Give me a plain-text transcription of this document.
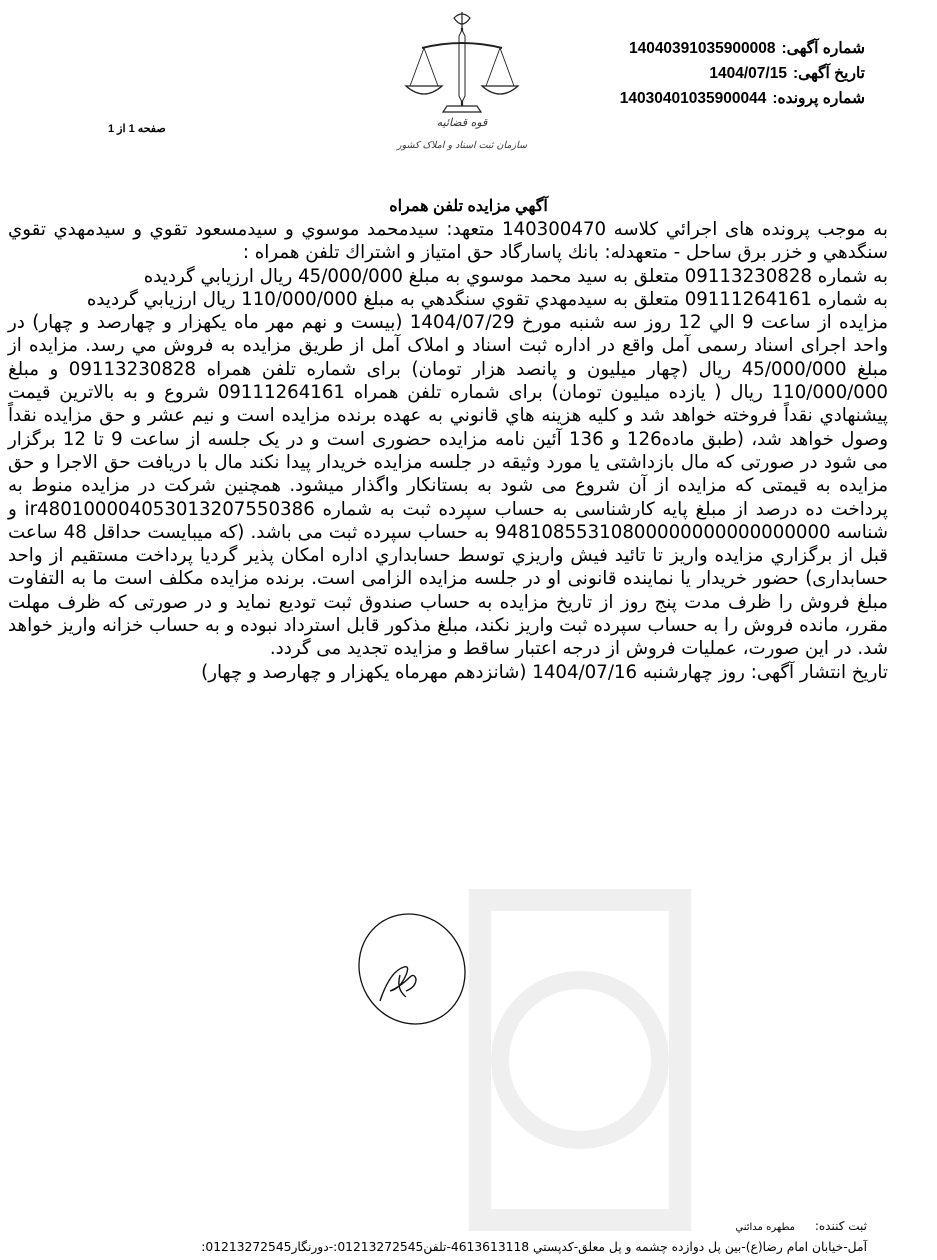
قوه قضائیه
سازمان ثبت اسناد و املاک کشور
شماره آگهی:
14040391035900008
تاریخ آگهی:
1404/07/15
شماره پرونده:
14030401035900044
صفحه 1 از 1
آگهي مزايده تلفن همراه

به موجب پرونده های اجرائي كلاسه 140300470 متعهد: سيدمحمد موسوي و سيدمسعود تقوي و سيدمهدي تقوي سنگدهي و خزر برق ساحل - متعهدله: بانك پاسارگاد حق امتياز و اشتراك تلفن همراه :

به شماره 09113230828 متعلق به سيد محمد موسوي به مبلغ 45/000/000 ريال ارزيابي گرديده

به شماره 09111264161 متعلق به سيدمهدي تقوي سنگدهي به مبلغ 110/000/000 ريال ارزيابي گرديده

مزايده از ساعت 9 الي 12 روز سه شنبه مورخ 1404/07/29 (بيست و نهم مهر ماه يكهزار و چهارصد و چهار) در واحد اجرای اسناد رسمی آمل واقع در اداره ثبت اسناد و املاک آمل از طریق مزایده به فروش مي رسد. مزایده از مبلغ 45/000/000 ریال (چهار میلیون و پانصد هزار تومان) برای شماره تلفن همراه 09113230828 و مبلغ 110/000/000 ریال ( یازده میلیون تومان) برای شماره تلفن همراه 09111264161 شروع و به بالاترين قيمت پيشنهادي نقداً فروخته خواهد شد و كليه هزينه هاي قانوني به عهده برنده مزایده است و نیم عشر و حق مزایده نقداً وصول خواهد شد، (طبق ماده126 و 136 آئین نامه مزایده حضوری است و در یک جلسه از ساعت 9 تا 12 برگزار می شود در صورتی که مال بازداشتی یا مورد وثیقه در جلسه مزایده خریدار پیدا نکند مال با دریافت حق الاجرا و حق مزایده به قیمتی که مزایده از آن شروع می شود به بستانکار واگذار میشود. همچنین شرکت در مزایده منوط به پرداخت ده درصد از مبلغ پایه کارشناسی به حساب سپرده ثبت به شماره ir480100004053013207550386 و شناسه 94810855310800000000000000000 به حساب سپرده ثبت می باشد. (که میبایست حداقل 48 ساعت قبل از برگزاري مزايده واريز تا تائید فيش واريزي توسط حسابداري اداره امكان پذير گرديا پرداخت مستقیم از واحد حسابداری) حضور خریدار یا نماینده قانونی او در جلسه مزایده الزامی است. برنده مزایده مکلف است ما به التفاوت مبلغ فروش را ظرف مدت پنج روز از تاریخ مزایده به حساب صندوق ثبت تودیع نماید و در صورتی که ظرف مهلت مقرر، مانده فروش را به حساب سپرده ثبت واریز نکند، مبلغ مذکور قابل استرداد نبوده و به حساب خزانه واریز خواهد شد. در این صورت، عملیات فروش از درجه اعتبار ساقط و مزایده تجدید می گردد.

تاريخ انتشار آگهی: روز چهارشنبه 1404/07/16 (شانزدهم مهرماه يكهزار و چهارصد و چهار)

ثبت كننده: مطهره مدائني
آمل-خيابان امام رضا(ع)-بين پل دوازده چشمه و پل معلق-كدپستي 4613613118-تلفن01213272545:-دورنگار01213272545:
